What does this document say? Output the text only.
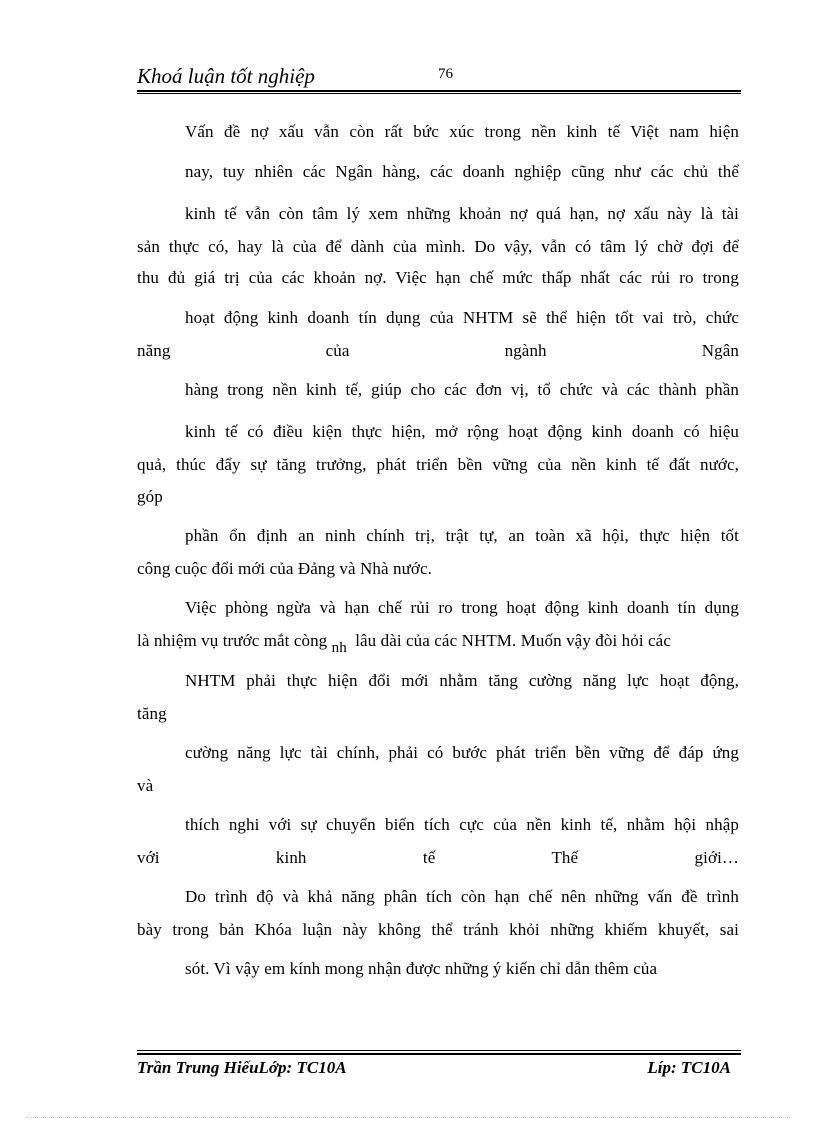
Khoá luận tốt nghiệp	76
Vấn đề nợ xấu vẫn còn rất bức xúc trong nền kinh tế Việt nam hiện
nay, tuy nhiên các Ngân hàng, các doanh nghiệp cũng như các chủ thể
kinh tế vẫn còn tâm lý xem những khoản nợ quá hạn, nợ xấu này là tài
sản thực có, hay là của để dành của mình. Do vậy, vẫn có tâm lý chờ đợi để
thu đủ giá trị của các khoản nợ. Việc hạn chế mức thấp nhất các rủi ro trong
hoạt động kinh doanh tín dụng của NHTM sẽ thể hiện tốt vai trò, chức
năng của ngành Ngân
hàng trong nền kinh tế, giúp cho các đơn vị, tổ chức và các thành phần
kinh tế có điều kiện thực hiện, mở rộng hoạt động kinh doanh có hiệu
quả, thúc đẩy sự tăng trưởng, phát triển bền vững của nền kinh tế đất nước,
góp
phần ổn định an ninh chính trị, trật tự, an toàn xã hội, thực hiện tốt
công cuộc đổi mới của Đảng và Nhà nước.
Việc phòng ngừa và hạn chế rủi ro trong hoạt động kinh doanh tín dụng
là nhiệm vụ trước mắt còng nh lâu dài của các NHTM. Muốn vậy đòi hỏi các
NHTM phải thực hiện đổi mới nhằm tăng cường năng lực hoạt động,
tăng
cường năng lực tài chính, phải có bước phát triển bền vững để đáp ứng
và
thích nghi với sự chuyển biến tích cực của nền kinh tế, nhằm hội nhập
với kinh tế Thế giới…
Do trình độ và khả năng phân tích còn hạn chế nên những vấn đề trình
bày trong bản Khóa luận này không thể tránh khỏi những khiếm khuyết, sai
sót. Vì vậy em kính mong nhận được những ý kiến chỉ dẫn thêm của
Trần Trung HiếuLớp: TC10A	Líp: TC10A
